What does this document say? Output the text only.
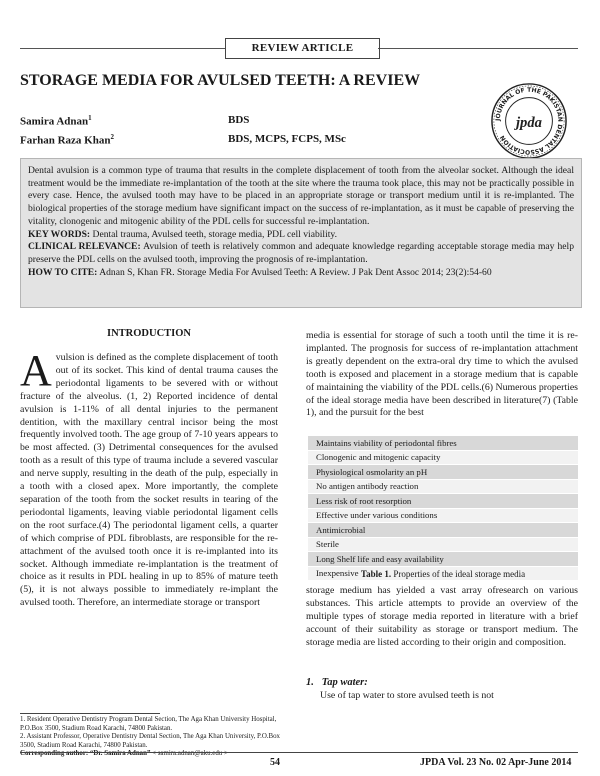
REVIEW ARTICLE
STORAGE MEDIA FOR AVULSED TEETH: A REVIEW
Samira Adnan$^1$
Farhan Raza Khan$^2$
BDS
BDS, MCPS, FCPS, MSc
JOURNAL OF THE PAKISTAN DENTAL ASSOCIATION
jpda

Dental avulsion is a common type of trauma that results in the complete displacement of tooth from the alveolar socket. Although the ideal treatment would be the immediate re-implantation of the tooth at the site where the trauma took place, this may not be practically possible in every case. Hence, the avulsed tooth may have to be placed in an appropriate storage or transport medium until it is re-implanted. The biological properties of the storage medium have significant impact on the success of re-implantation, as it must be capable of preserving the vitality, clonogenic and mitogenic ability of the PDL cells for successful re-implantation.

KEY WORDS: Dental trauma, Avulsed teeth, storage media, PDL cell viability.

CLINICAL RELEVANCE: Avulsion of teeth is relatively common and adequate knowledge regarding acceptable storage media may help preserve the PDL cells on the avulsed tooth, improving the prognosis of re-implantation.

HOW TO CITE: Adnan S, Khan FR. Storage Media For Avulsed Teeth: A Review. J Pak Dent Assoc 2014; 23(2):54-60

INTRODUCTION
Avulsion is defined as the complete displacement of tooth out of its socket. This kind of dental trauma causes the periodontal ligaments to be severed with or without fracture of the alveolus. (1, 2) Reported incidence of dental avulsion is 1-11% of all dental injuries to the permanent dentition, with the maxillary central incisor being the most frequently involved tooth. The age group of 7-10 years appears to be most affected. (3) Detrimental consequences for the avulsed tooth as a result of this type of trauma include a severed vascular and nerve supply, resulting in the death of the pulp, especially in a tooth with a closed apex. More importantly, the complete separation of the tooth from the socket results in tearing of the periodontal ligaments, leaving viable periodontal ligament cells on the root surface.(4) The periodontal ligament cells, a quarter of which comprise of PDL fibroblasts, are responsible for the re-attachment of the avulsed tooth once it is re-implanted into its socket. Although immediate re-implantation is the treatment of choice as it results in PDL healing in up to 85% of mature teeth (5), it is not always possible to immediately re-implant the avulsed tooth. Therefore, an intermediate storage or transport
media is essential for storage of such a tooth until the time it is re-implanted. The prognosis for success of re-implantation attachment is greatly dependent on the extra-oral dry time to which the avulsed tooth is exposed and placement in a storage medium that is capable of maintaining the viability of the PDL cells.(6) Numerous properties of the ideal storage media have been described in literature(7) (Table 1), and the pursuit for the best
Maintains viability of periodontal fibres
Clonogenic and mitogenic capacity
Physiological osmolarity an pH
No antigen antibody reaction
Less risk of root resorption
Effective under various conditions
Antimicrobial
Sterile
Long Shelf life and easy availability
Inexpensive Table 1. Properties of the ideal storage media
storage medium has yielded a vast array ofresearch on various substances. This article attempts to provide an overview of the multiple types of storage media reported in literature with a brief account of their suitability as storage or transport medium. The storage media are listed according to their origin and composition.
1.   Tap water:
Use of tap water to store avulsed teeth is not

1. Resident Operative Dentistry Program Dental Section, The Aga Khan University Hospital, P.O.Box 3500, Stadium Road Karachi, 74800 Pakistan.

2. Assistant Professor, Operative Dentistry Dental Section, The Aga Khan University, P.O.Box 3500, Stadium Road Karachi, 74800 Pakistan.

Corresponding author: “Dr. Samira Adnan” < samira.adnan@aku.edu >

54	JPDA Vol. 23 No. 02 Apr-June 2014
